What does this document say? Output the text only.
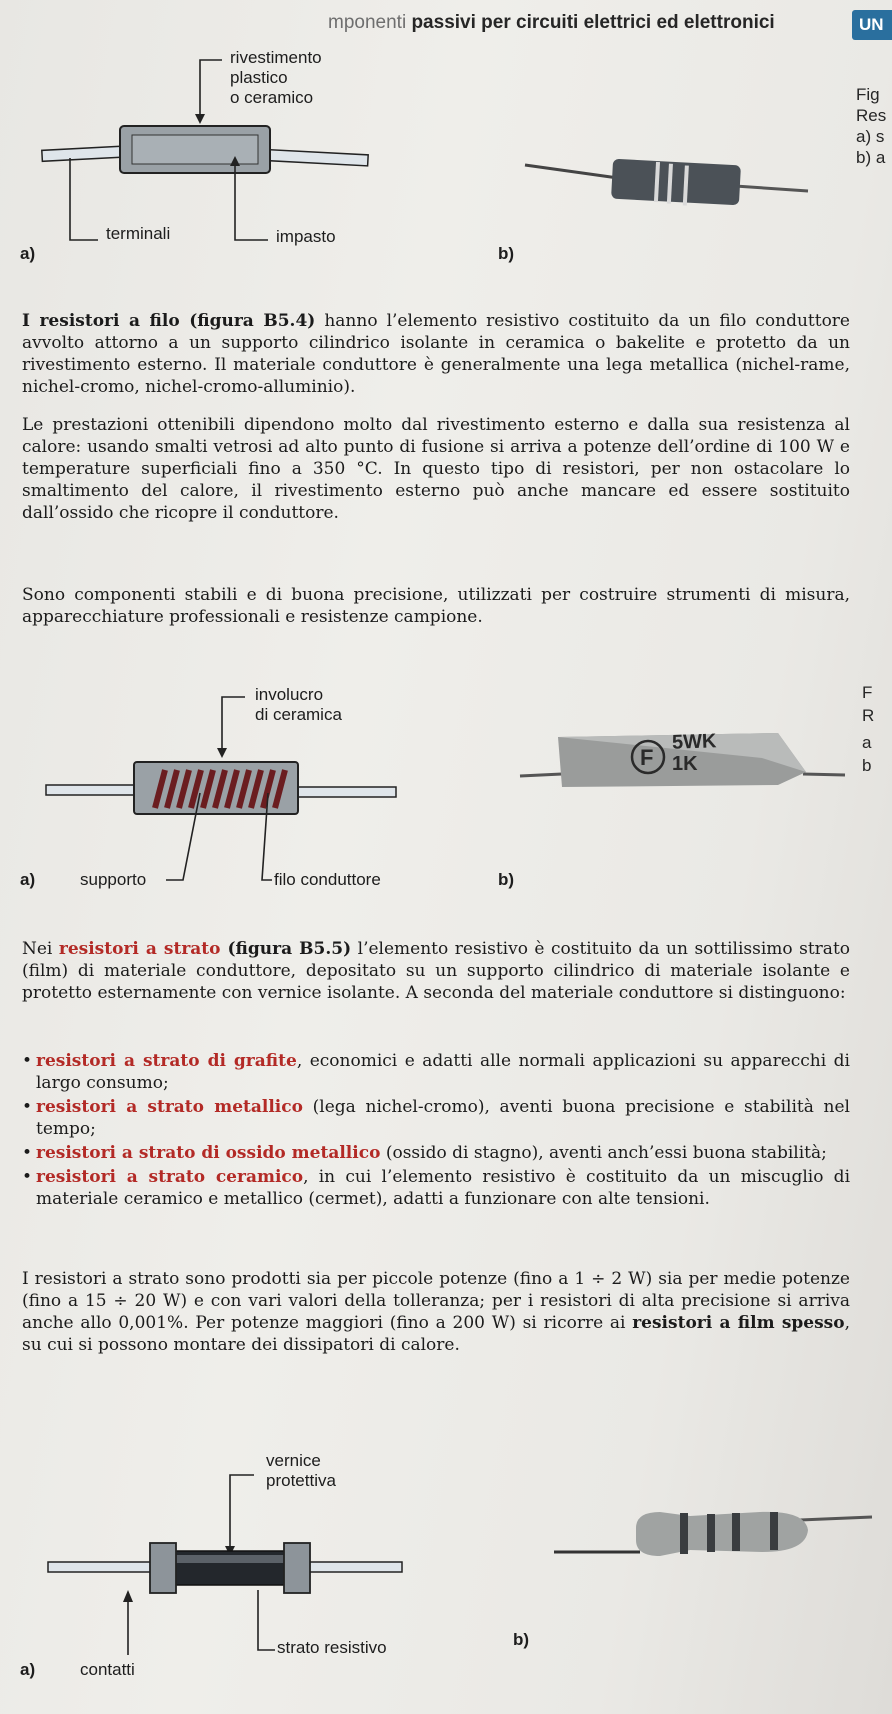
mponenti passivi per circuiti elettrici ed elettronici	UN
rivestimento
plastico
o ceramico
terminali	impasto
a)	b)
Fig
Res
a) s
b) a

I resistori a filo (figura B5.4) hanno l’elemento resistivo costituito da un filo conduttore avvolto attorno a un supporto cilindrico isolante in ceramica o bakelite e protetto da un rivestimento esterno. Il materiale conduttore è generalmente una lega metallica (nichel-rame, nichel-cromo, nichel-cromo-alluminio).

Le prestazioni ottenibili dipendono molto dal rivestimento esterno e dalla sua resistenza al calore: usando smalti vetrosi ad alto punto di fusione si arriva a potenze dell’ordine di 100 W e temperature superficiali fino a 350 °C. In questo tipo di resistori, per non ostacolare lo smaltimento del calore, il rivestimento esterno può anche mancare ed essere sostituito dall’ossido che ricopre il conduttore.

Sono componenti stabili e di buona precisione, utilizzati per costruire strumenti di misura, apparecchiature professionali e resistenze campione.

involucro
di ceramica
supporto	filo conduttore
a)
F
5WK
1K
b)
F
R
a
b

Nei resistori a strato (figura B5.5) l’elemento resistivo è costituito da un sottilissimo strato (film) di materiale conduttore, depositato su un supporto cilindrico di materiale isolante e protetto esternamente con vernice isolante. A seconda del materiale conduttore si distinguono:

• resistori a strato di grafite, economici e adatti alle normali applicazioni su apparecchi di largo consumo;
• resistori a strato metallico (lega nichel-cromo), aventi buona precisione e stabilità nel tempo;
• resistori a strato di ossido metallico (ossido di stagno), aventi anch’essi buona stabilità;
• resistori a strato ceramico, in cui l’elemento resistivo è costituito da un miscuglio di materiale ceramico e metallico (cermet), adatti a funzionare con alte tensioni.

I resistori a strato sono prodotti sia per piccole potenze (fino a 1 ÷ 2 W) sia per medie potenze (fino a 15 ÷ 20 W) e con vari valori della tolleranza; per i resistori di alta precisione si arriva anche allo 0,001%. Per potenze maggiori (fino a 200 W) si ricorre ai resistori a film spesso, su cui si possono montare dei dissipatori di calore.

vernice
protettiva
contatti
strato resistivo
a)
b)
